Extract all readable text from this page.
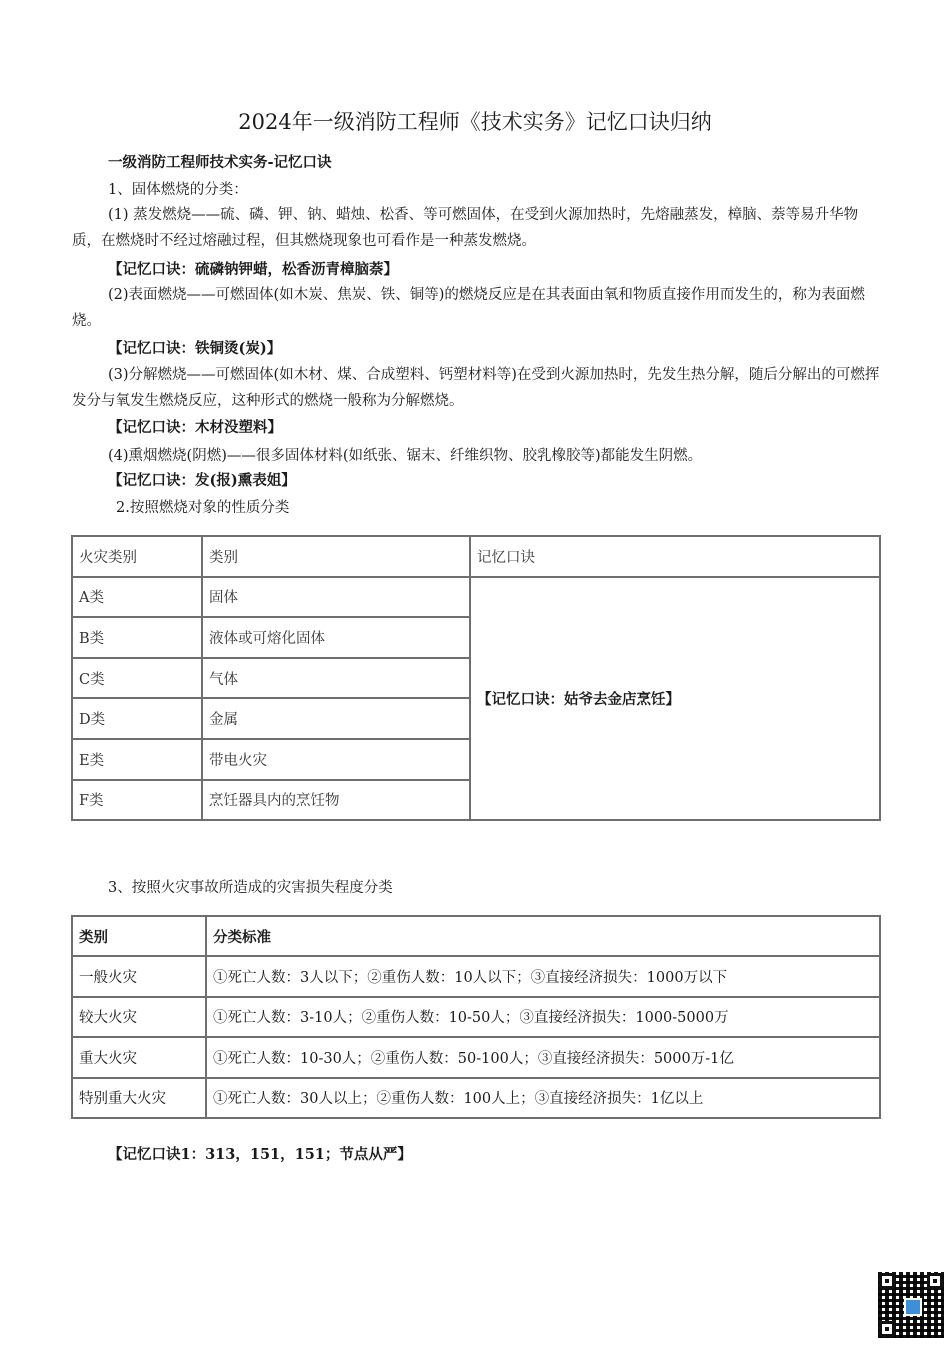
2024年一级消防工程师《技术实务》记忆口诀归纳
一级消防工程师技术实务-记忆口诀
1、固体燃烧的分类：
(1) 蒸发燃烧——硫、磷、钾、钠、蜡烛、松香、等可燃固体，在受到火源加热时，先熔融蒸发，樟脑、萘等易升华物质，在燃烧时不经过熔融过程，但其燃烧现象也可看作是一种蒸发燃烧。
【记忆口诀：硫磷钠钾蜡，松香沥青樟脑萘】
(2)表面燃烧——可燃固体(如木炭、焦炭、铁、铜等)的燃烧反应是在其表面由氧和物质直接作用而发生的，称为表面燃烧。
【记忆口诀：铁铜烫(炭)】
(3)分解燃烧——可燃固体(如木材、煤、合成塑料、钙塑材料等)在受到火源加热时，先发生热分解，随后分解出的可燃挥发分与氧发生燃烧反应，这种形式的燃烧一般称为分解燃烧。
【记忆口诀：木材没塑料】
(4)熏烟燃烧(阴燃)——很多固体材料(如纸张、锯末、纤维织物、胶乳橡胶等)都能发生阴燃。
【记忆口诀：发(报)熏表姐】
2.按照燃烧对象的性质分类
火灾类别	类别	记忆口诀
A类	固体	【记忆口诀：姑爷去金店烹饪】
B类	液体或可熔化固体	
C类	气体	
D类	金属	
E类	带电火灾	
F类	烹饪器具内的烹饪物	
3、按照火灾事故所造成的灾害损失程度分类
类别	分类标准
一般火灾	①死亡人数：3人以下；②重伤人数：10人以下；③直接经济损失：1000万以下
较大火灾	①死亡人数：3-10人；②重伤人数：10-50人；③直接经济损失：1000-5000万
重大火灾	①死亡人数：10-30人；②重伤人数：50-100人；③直接经济损失：5000万-1亿
特别重大火灾	①死亡人数：30人以上；②重伤人数：100人上；③直接经济损失：1亿以上
【记忆口诀1：313，151，151；节点从严】
